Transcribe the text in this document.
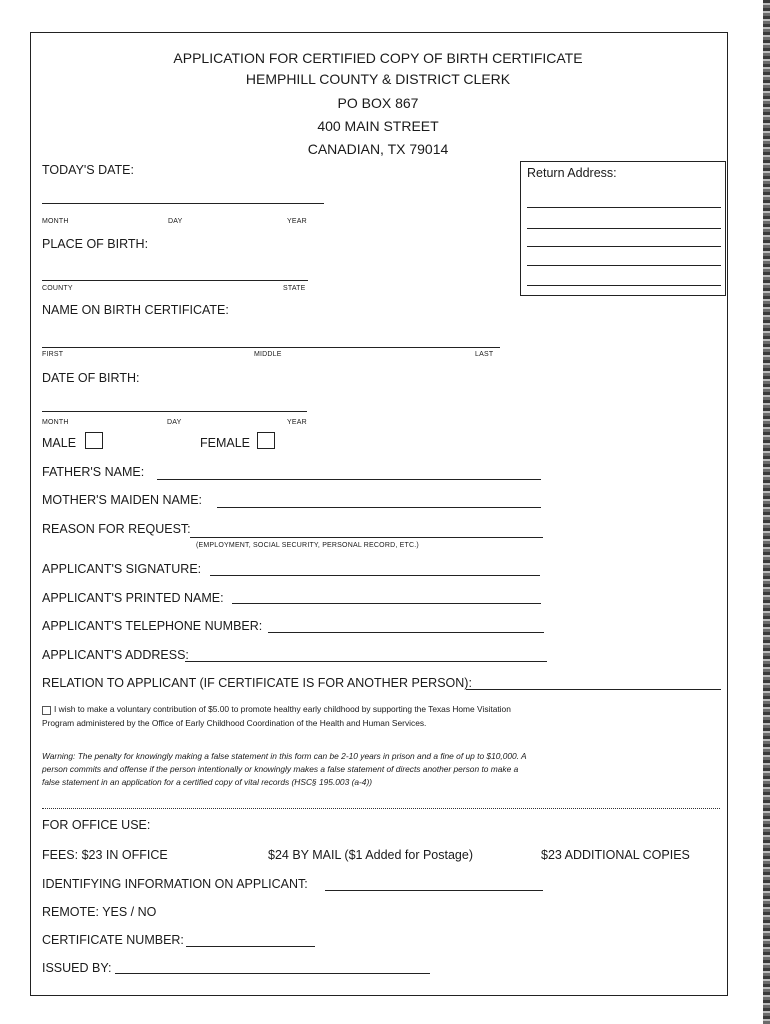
APPLICATION FOR CERTIFIED COPY OF BIRTH CERTIFICATE
HEMPHILL COUNTY & DISTRICT CLERK
PO BOX 867
400 MAIN STREET
CANADIAN, TX 79014
Return Address:
TODAY'S DATE:
MONTH	DAY	YEAR
PLACE OF BIRTH:
COUNTY	STATE
NAME ON BIRTH CERTIFICATE:
FIRST	MIDDLE	LAST
DATE OF BIRTH:
MONTH	DAY	YEAR
MALE	FEMALE
FATHER'S NAME:
MOTHER'S MAIDEN NAME:
REASON FOR REQUEST:
(EMPLOYMENT, SOCIAL SECURITY, PERSONAL RECORD, ETC.)
APPLICANT'S SIGNATURE:
APPLICANT'S PRINTED NAME:
APPLICANT'S TELEPHONE NUMBER:
APPLICANT'S ADDRESS:
RELATION TO APPLICANT (IF CERTIFICATE IS FOR ANOTHER PERSON):
I wish to make a voluntary contribution of $5.00 to promote healthy early childhood by supporting the Texas Home Visitation
Program administered by the Office of Early Childhood Coordination of the Health and Human Services.
Warning: The penalty for knowingly making a false statement in this form can be 2-10 years in prison and a fine of up to $10,000. A
person commits and offense if the person intentionally or knowingly makes a false statement of directs another person to make a
false statement in an application for a certified copy of vital records (HSC§ 195.003 (a-4))
FOR OFFICE USE:
FEES: $23 IN OFFICE	$24 BY MAIL ($1 Added for Postage)	$23 ADDITIONAL COPIES
IDENTIFYING INFORMATION ON APPLICANT:
REMOTE: YES / NO
CERTIFICATE NUMBER:
ISSUED BY:
